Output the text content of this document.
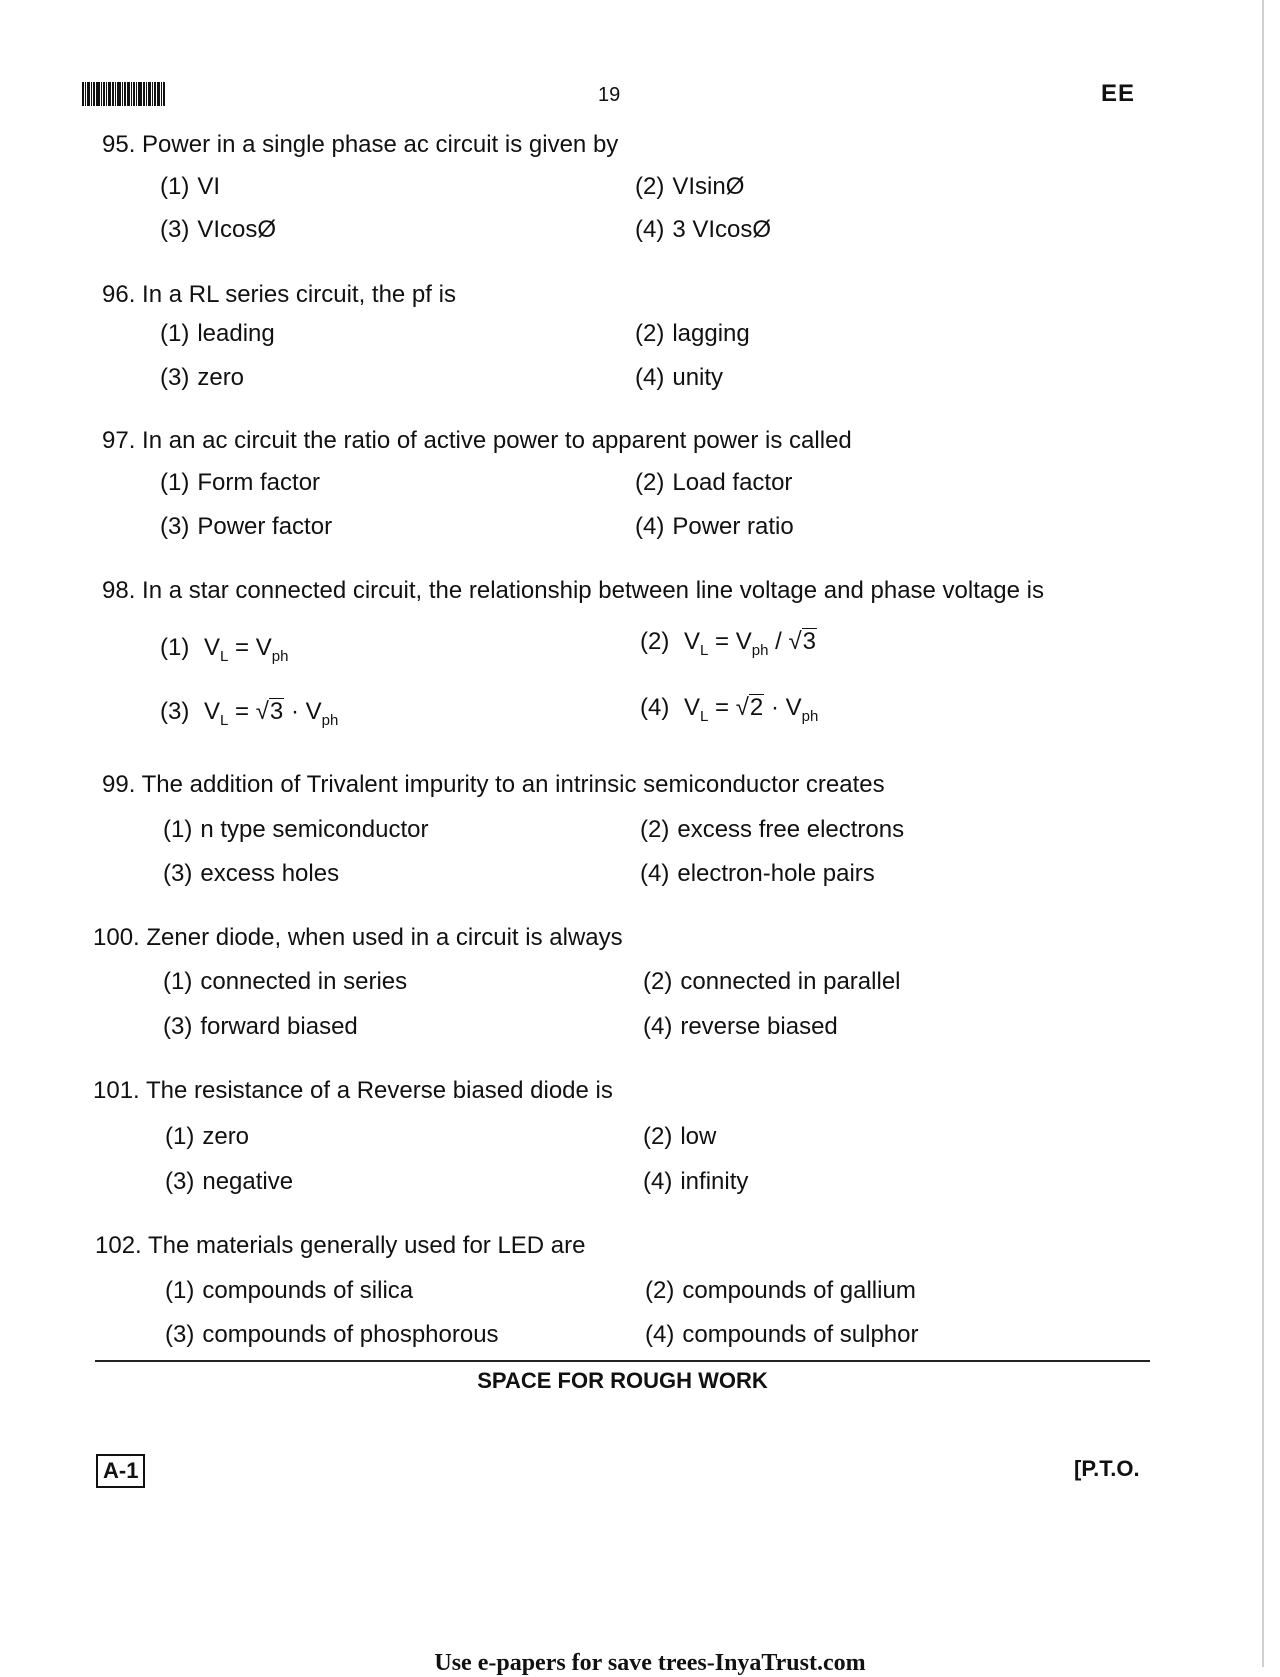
19	EE
95. Power in a single phase ac circuit is given by
(1) VI	(2) VIsinØ
(3) VIcosØ	(4) 3 VIcosØ
96. In a RL series circuit, the pf is
(1) leading	(2) lagging
(3) zero	(4) unity
97. In an ac circuit the ratio of active power to apparent power is called
(1) Form factor	(2) Load factor
(3) Power factor	(4) Power ratio
98. In a star connected circuit, the relationship between line voltage and phase voltage is
(1) $V_L = V_{ph}$
(2) $V_L = V_{ph} / √3$
(3) $V_L = √3 \cdot V_{ph}$	(4) $V_L = √2 \cdot V_{ph}$
99. The addition of Trivalent impurity to an intrinsic semiconductor creates
(1) n type semiconductor	(2) excess free electrons
(3) excess holes	(4) electron-hole pairs
100. Zener diode, when used in a circuit is always
(1) connected in series	(2) connected in parallel
(3) forward biased	(4) reverse biased
101. The resistance of a Reverse biased diode is
(1) zero	(2) low
(3) negative	(4) infinity
102. The materials generally used for LED are
(1) compounds of silica	(2) compounds of gallium
(3) compounds of phosphorous	(4) compounds of sulphor
SPACE FOR ROUGH WORK
A-1	[P.T.O.
Use e-papers for save trees-InyaTrust.com
